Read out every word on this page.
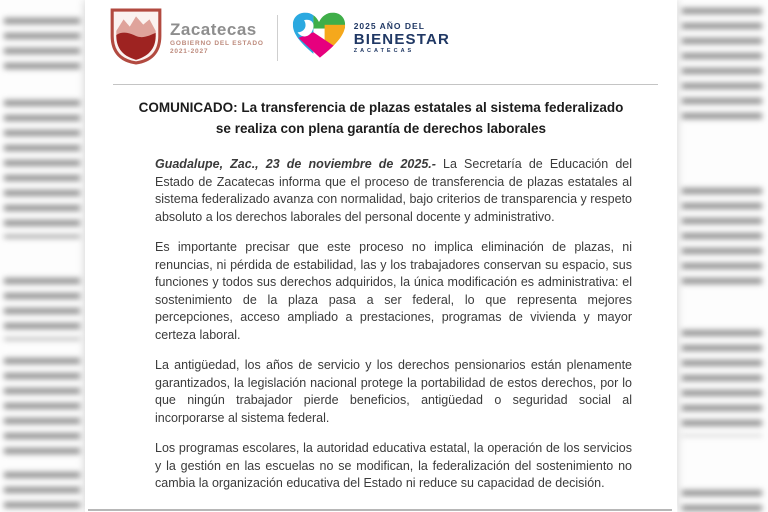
Zacatecas
GOBIERNO DEL ESTADO
2021-2027
2025 AÑO DEL
BIENESTAR
ZACATECAS
COMUNICADO: La transferencia de plazas estatales al sistema federalizado se realiza con plena garantía de derechos laborales

Guadalupe, Zac., 23 de noviembre de 2025.- La Secretaría de Educación del Estado de Zacatecas informa que el proceso de transferencia de plazas estatales al sistema federalizado avanza con normalidad, bajo criterios de transparencia y respeto absoluto a los derechos laborales del personal docente y administrativo.

Es importante precisar que este proceso no implica eliminación de plazas, ni renuncias, ni pérdida de estabilidad, las y los trabajadores conservan su espacio, sus funciones y todos sus derechos adquiridos, la única modificación es administrativa: el sostenimiento de la plaza pasa a ser federal, lo que representa mejores percepciones, acceso ampliado a prestaciones, programas de vivienda y mayor certeza laboral.

La antigüedad, los años de servicio y los derechos pensionarios están plenamente garantizados, la legislación nacional protege la portabilidad de estos derechos, por lo que ningún trabajador pierde beneficios, antigüedad o seguridad social al incorporarse al sistema federal.

Los programas escolares, la autoridad educativa estatal, la operación de los servicios y la gestión en las escuelas no se modifican, la federalización del sostenimiento no cambia la organización educativa del Estado ni reduce su capacidad de decisión.
